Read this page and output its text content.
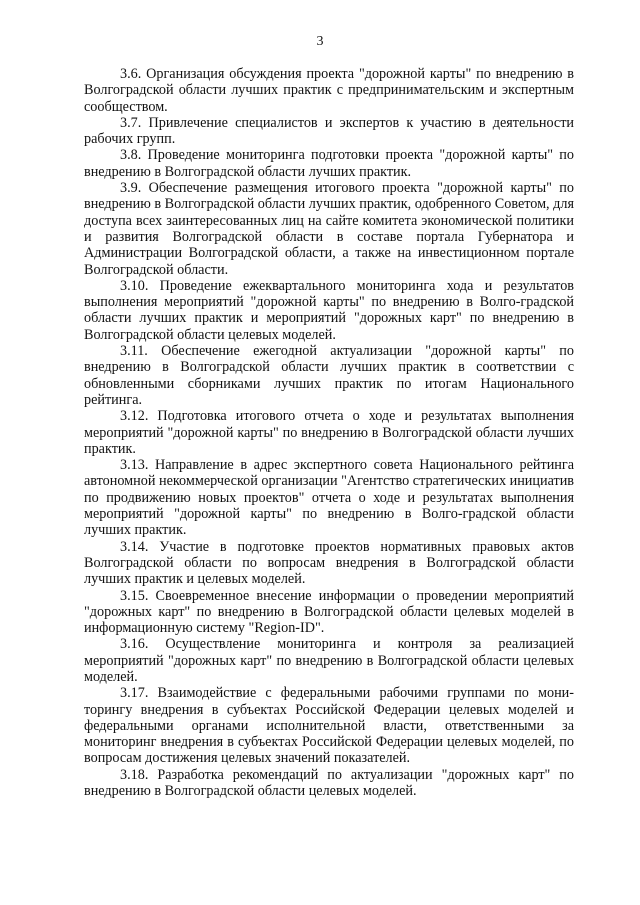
3

3.6. Организация обсуждения проекта "дорожной карты" по внедрению в Волгоградской области лучших практик с предпринимательским и экспертным сообществом.

3.7. Привлечение специалистов и экспертов к участию в деятельности рабочих групп.

3.8. Проведение мониторинга подготовки проекта "дорожной карты" по внедрению в Волгоградской области лучших практик.

3.9. Обеспечение размещения итогового проекта "дорожной карты" по внедрению в Волгоградской области лучших практик, одобренного Советом, для доступа всех заинтересованных лиц на сайте комитета экономической политики и развития Волгоградской области в составе портала Губернатора и Администрации Волгоградской области, а также на инвестиционном портале Волгоградской области.

3.10. Проведение ежеквартального мониторинга хода и результатов выполнения мероприятий "дорожной карты" по внедрению в Волго-градской области лучших практик и мероприятий "дорожных карт" по внедрению в Волгоградской области целевых моделей.

3.11. Обеспечение ежегодной актуализации "дорожной карты" по внедрению в Волгоградской области лучших практик в соответствии с обновленными сборниками лучших практик по итогам Национального рейтинга.

3.12. Подготовка итогового отчета о ходе и результатах выполнения мероприятий "дорожной карты" по внедрению в Волгоградской области лучших практик.

3.13. Направление в адрес экспертного совета Национального рейтинга автономной некоммерческой организации "Агентство стратегических инициатив по продвижению новых проектов" отчета о ходе и результатах выполнения мероприятий "дорожной карты" по внедрению в Волго-градской области лучших практик.

3.14. Участие в подготовке проектов нормативных правовых актов Волгоградской области по вопросам внедрения в Волгоградской области лучших практик и целевых моделей.

3.15. Своевременное внесение информации о проведении мероприятий "дорожных карт" по внедрению в Волгоградской области целевых моделей в информационную систему "Region-ID".

3.16. Осуществление мониторинга и контроля за реализацией мероприятий "дорожных карт" по внедрению в Волгоградской области целевых моделей.

3.17. Взаимодействие с федеральными рабочими группами по мони-торингу внедрения в субъектах Российской Федерации целевых моделей и федеральными органами исполнительной власти, ответственными за мониторинг внедрения в субъектах Российской Федерации целевых моделей, по вопросам достижения целевых значений показателей.

3.18. Разработка рекомендаций по актуализации "дорожных карт" по внедрению в Волгоградской области целевых моделей.
